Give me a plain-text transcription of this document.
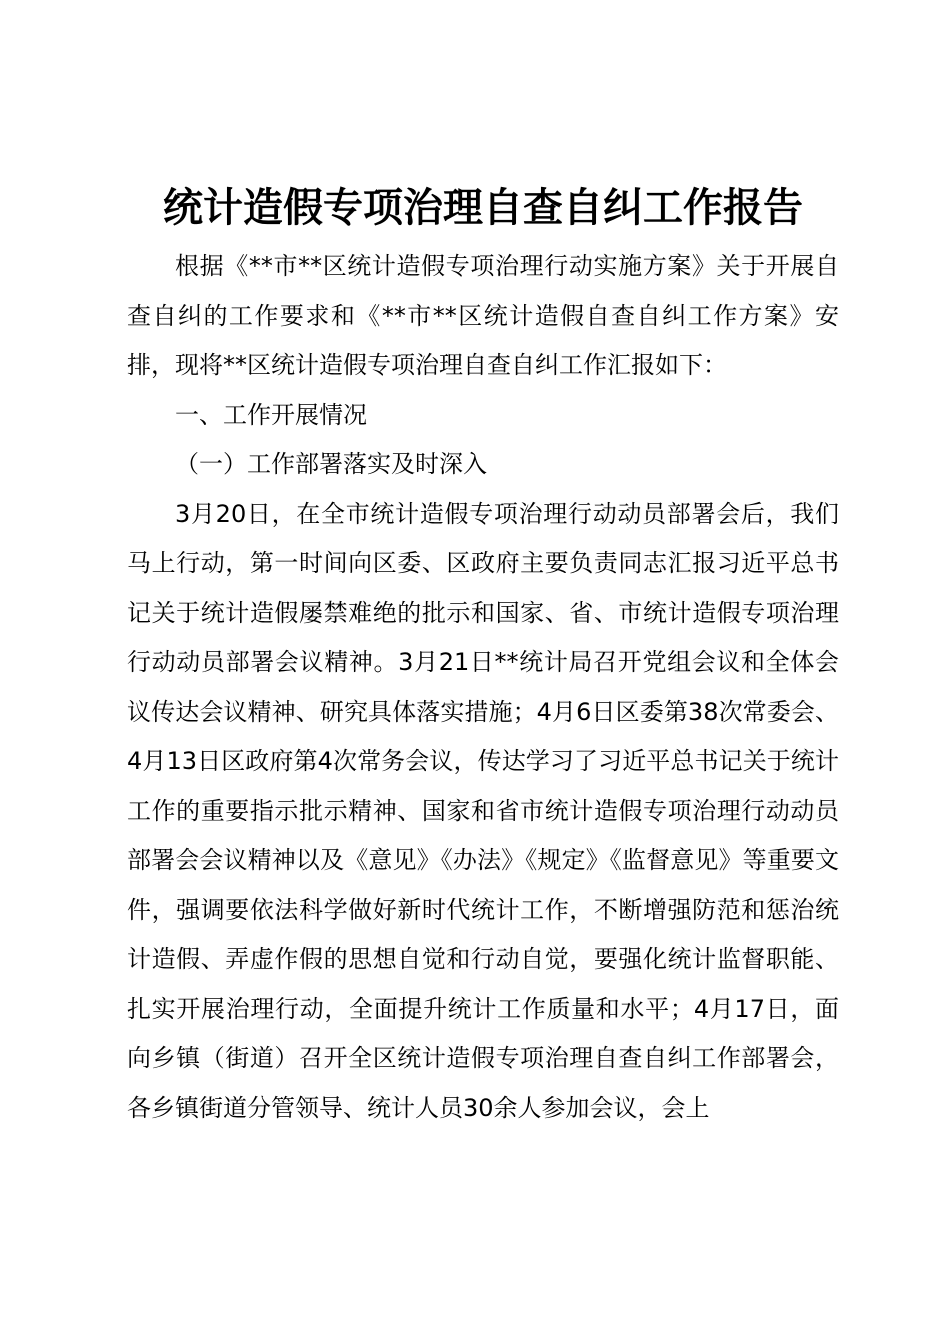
统计造假专项治理自查自纠工作报告

根据《**市**区统计造假专项治理行动实施方案》关于开展自查自纠的工作要求和《**市**区统计造假自查自纠工作方案》安排，现将**区统计造假专项治理自查自纠工作汇报如下：

一、工作开展情况

（一）工作部署落实及时深入

3月20日，在全市统计造假专项治理行动动员部署会后，我们马上行动，第一时间向区委、区政府主要负责同志汇报习近平总书记关于统计造假屡禁难绝的批示和国家、省、市统计造假专项治理行动动员部署会议精神。3月21日**统计局召开党组会议和全体会议传达会议精神、研究具体落实措施；4月6日区委第38次常委会、4月13日区政府第4次常务会议，传达学习了习近平总书记关于统计工作的重要指示批示精神、国家和省市统计造假专项治理行动动员部署会会议精神以及《意见》《办法》《规定》《监督意见》等重要文件，强调要依法科学做好新时代统计工作，不断增强防范和惩治统计造假、弄虚作假的思想自觉和行动自觉，要强化统计监督职能、扎实开展治理行动，全面提升统计工作质量和水平；4月17日，面向乡镇（街道）召开全区统计造假专项治理自查自纠工作部署会，各乡镇街道分管领导、统计人员30余人参加会议，会上
